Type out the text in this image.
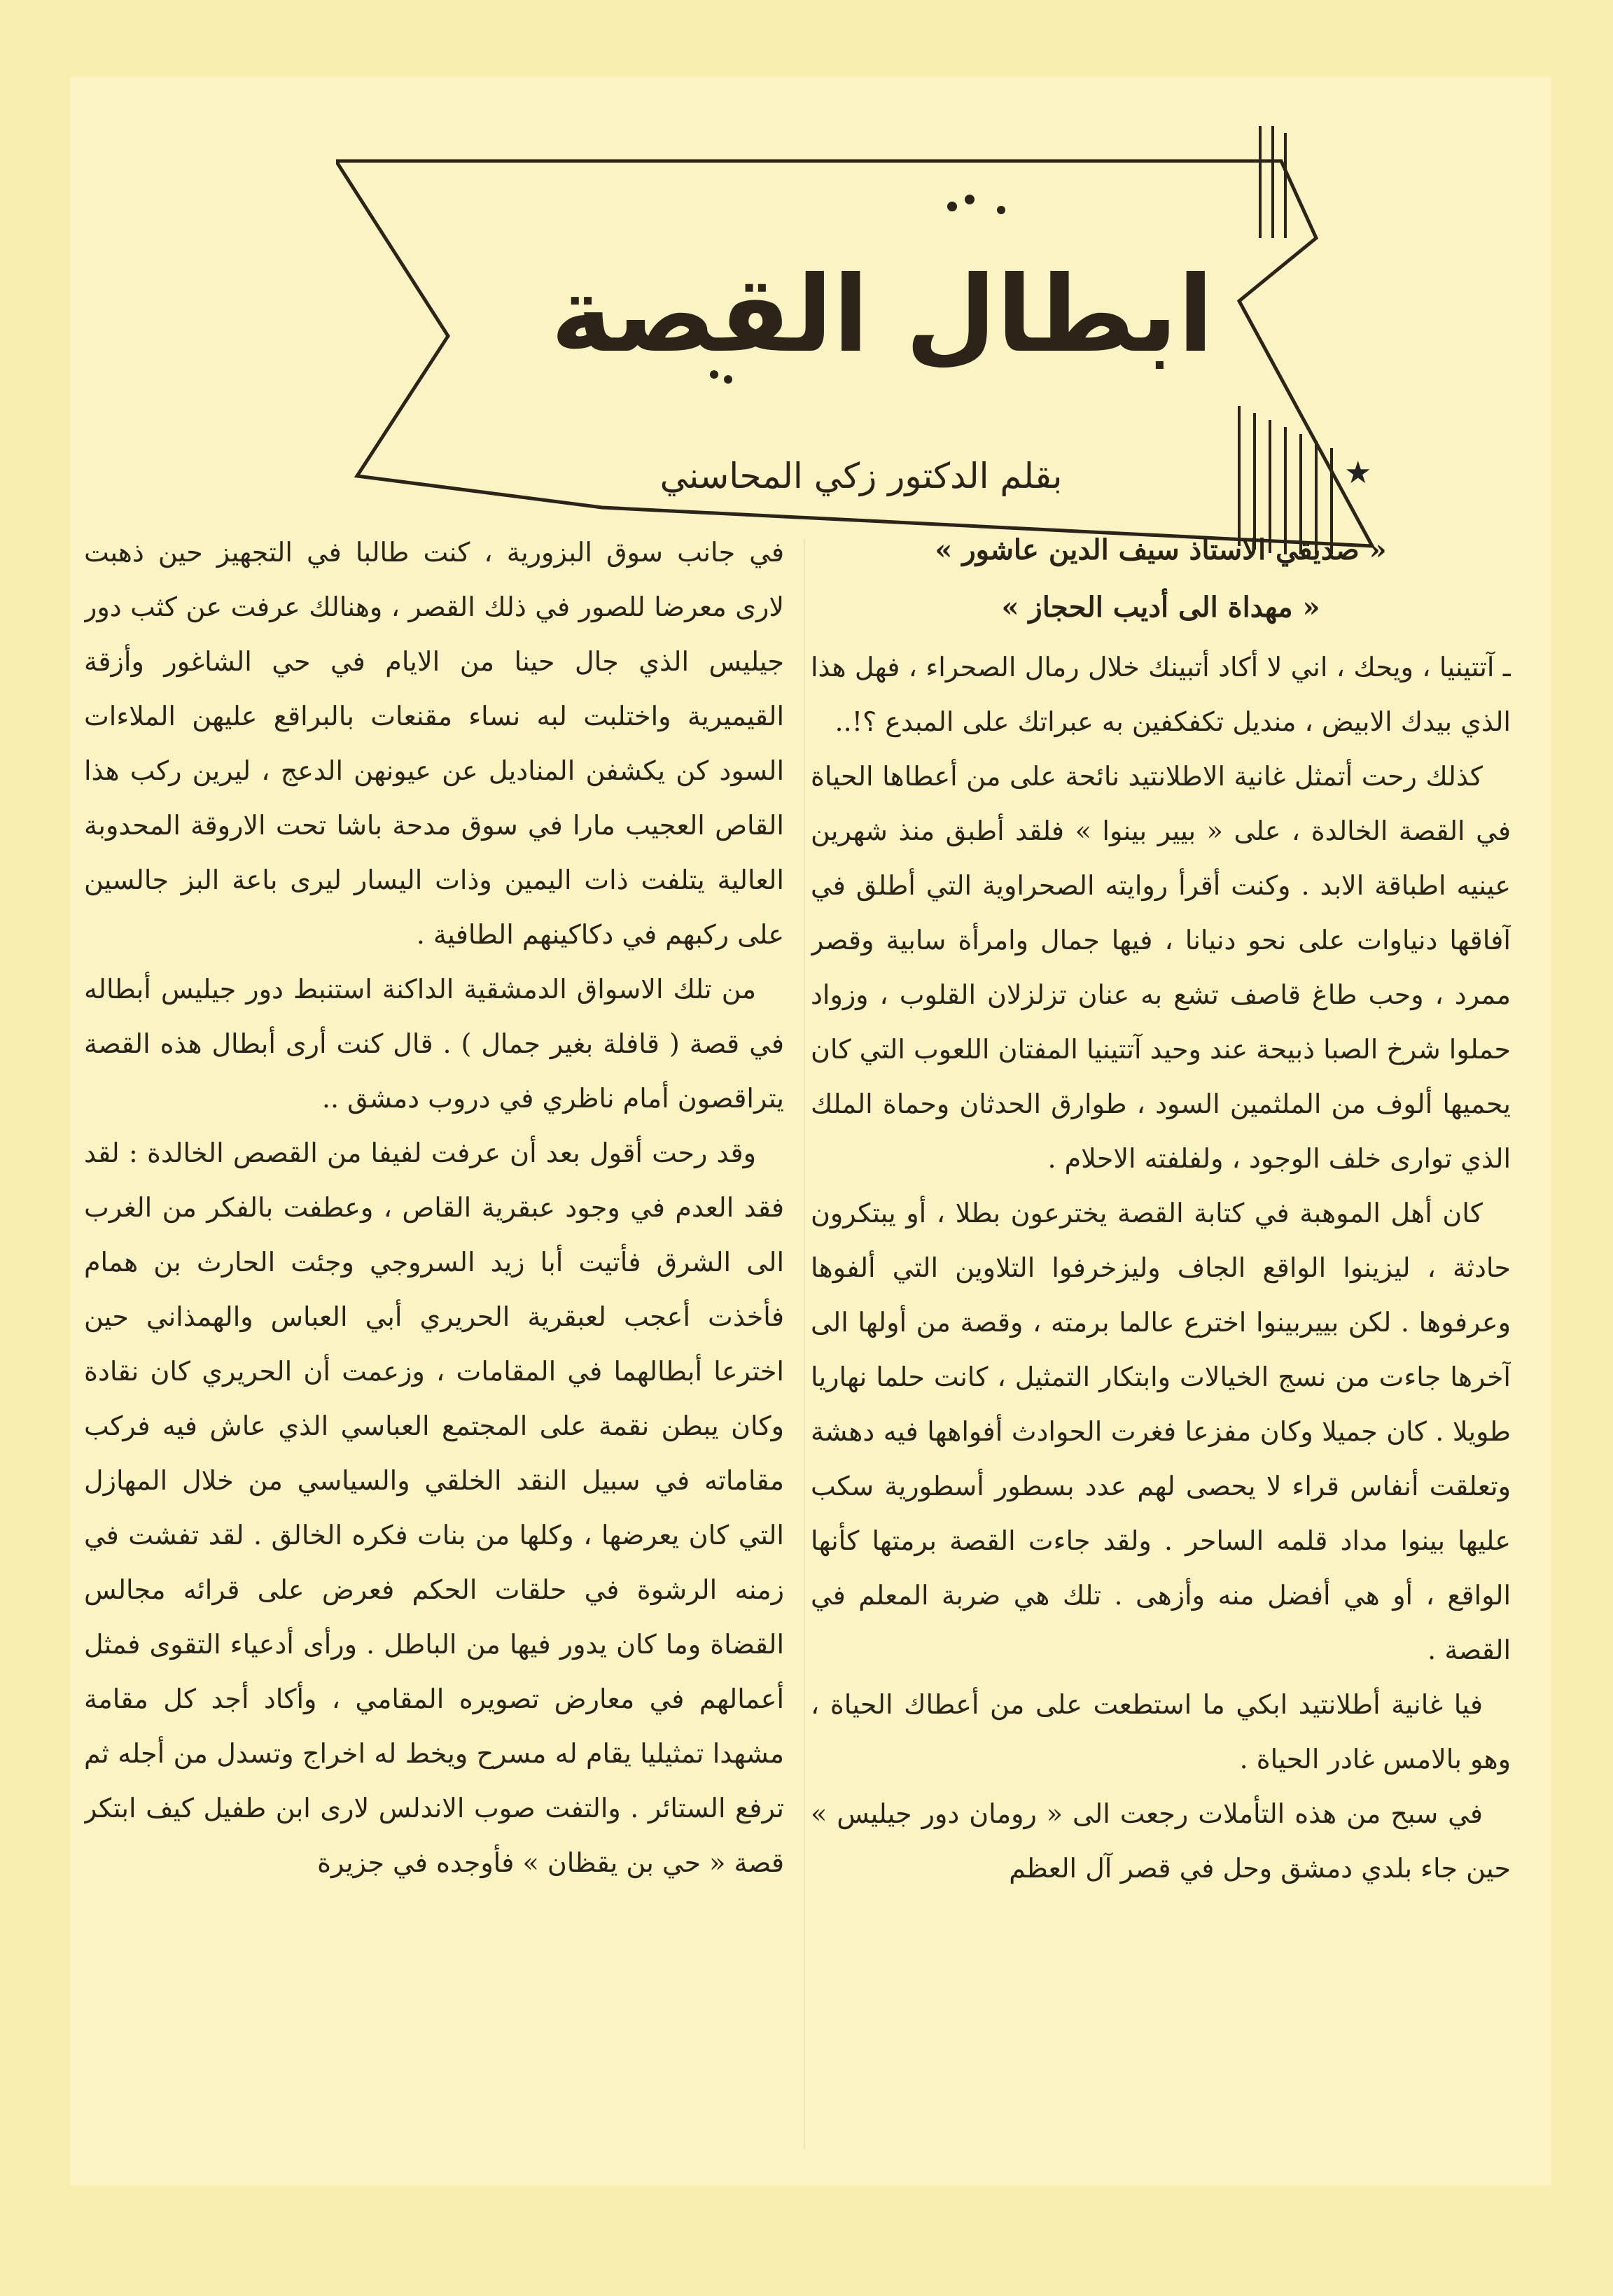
ابطال القصة
بقلم الدكتور زكي المحاسني	★

« صديقي الاستاذ سيف الدين عاشور »

« مهداة الى أديب الحجاز »

ـ آتتينيا ، ويحك ، اني لا أكاد أتبينك خلال رمال الصحراء ، فهل هذا الذي بيدك الابيض ، منديل تكفكفين به عبراتك على المبدع ؟!..

كذلك رحت أتمثل غانية الاطلانتيد نائحة على من أعطاها الحياة في القصة الخالدة ، على « بيير بينوا » فلقد أطبق منذ شهرين عينيه اطباقة الابد . وكنت أقرأ روايته الصحراوية التي أطلق في آفاقها دنياوات على نحو دنيانا ، فيها جمال وامرأة سابية وقصر ممرد ، وحب طاغ قاصف تشع به عنان تزلزلان القلوب ، وزواد حملوا شرخ الصبا ذبيحة عند وحيد آتتينيا المفتان اللعوب التي كان يحميها ألوف من الملثمين السود ، طوارق الحدثان وحماة الملك الذي توارى خلف الوجود ، ولفلفته الاحلام .

كان أهل الموهبة في كتابة القصة يخترعون بطلا ، أو يبتكرون حادثة ، ليزينوا الواقع الجاف وليزخرفوا التلاوين التي ألفوها وعرفوها . لكن بييربينوا اخترع عالما برمته ، وقصة من أولها الى آخرها جاءت من نسج الخيالات وابتكار التمثيل ، كانت حلما نهاريا طويلا . كان جميلا وكان مفزعا فغرت الحوادث أفواهها فيه دهشة وتعلقت أنفاس قراء لا يحصى لهم عدد بسطور أسطورية سكب عليها بينوا مداد قلمه الساحر . ولقد جاءت القصة برمتها كأنها الواقع ، أو هي أفضل منه وأزهى . تلك هي ضربة المعلم في القصة .

فيا غانية أطلانتيد ابكي ما استطعت على من أعطاك الحياة ، وهو بالامس غادر الحياة .

في سبح من هذه التأملات رجعت الى « رومان دور جيليس » حين جاء بلدي دمشق وحل في قصر آل العظم

في جانب سوق البزورية ، كنت طالبا في التجهيز حين ذهبت لارى معرضا للصور في ذلك القصر ، وهنالك عرفت عن كثب دور جيليس الذي جال حينا من الايام في حي الشاغور وأزقة القيميرية واختلبت لبه نساء مقنعات بالبراقع عليهن الملاءات السود كن يكشفن المناديل عن عيونهن الدعج ، ليرين ركب هذا القاص العجيب مارا في سوق مدحة باشا تحت الاروقة المحدوبة العالية يتلفت ذات اليمين وذات اليسار ليرى باعة البز جالسين على ركبهم في دكاكينهم الطافية .

من تلك الاسواق الدمشقية الداكنة استنبط دور جيليس أبطاله في قصة ( قافلة بغير جمال ) . قال كنت أرى أبطال هذه القصة يتراقصون أمام ناظري في دروب دمشق ..

وقد رحت أقول بعد أن عرفت لفيفا من القصص الخالدة : لقد فقد العدم في وجود عبقرية القاص ، وعطفت بالفكر من الغرب الى الشرق فأتيت أبا زيد السروجي وجئت الحارث بن همام فأخذت أعجب لعبقرية الحريري أبي العباس والهمذاني حين اخترعا أبطالهما في المقامات ، وزعمت أن الحريري كان نقادة وكان يبطن نقمة على المجتمع العباسي الذي عاش فيه فركب مقاماته في سبيل النقد الخلقي والسياسي من خلال المهازل التي كان يعرضها ، وكلها من بنات فكره الخالق . لقد تفشت في زمنه الرشوة في حلقات الحكم فعرض على قرائه مجالس القضاة وما كان يدور فيها من الباطل . ورأى أدعياء التقوى فمثل أعمالهم في معارض تصويره المقامي ، وأكاد أجد كل مقامة مشهدا تمثيليا يقام له مسرح ويخط له اخراج وتسدل من أجله ثم ترفع الستائر . والتفت صوب الاندلس لارى ابن طفيل كيف ابتكر قصة « حي بن يقظان » فأوجده في جزيرة
